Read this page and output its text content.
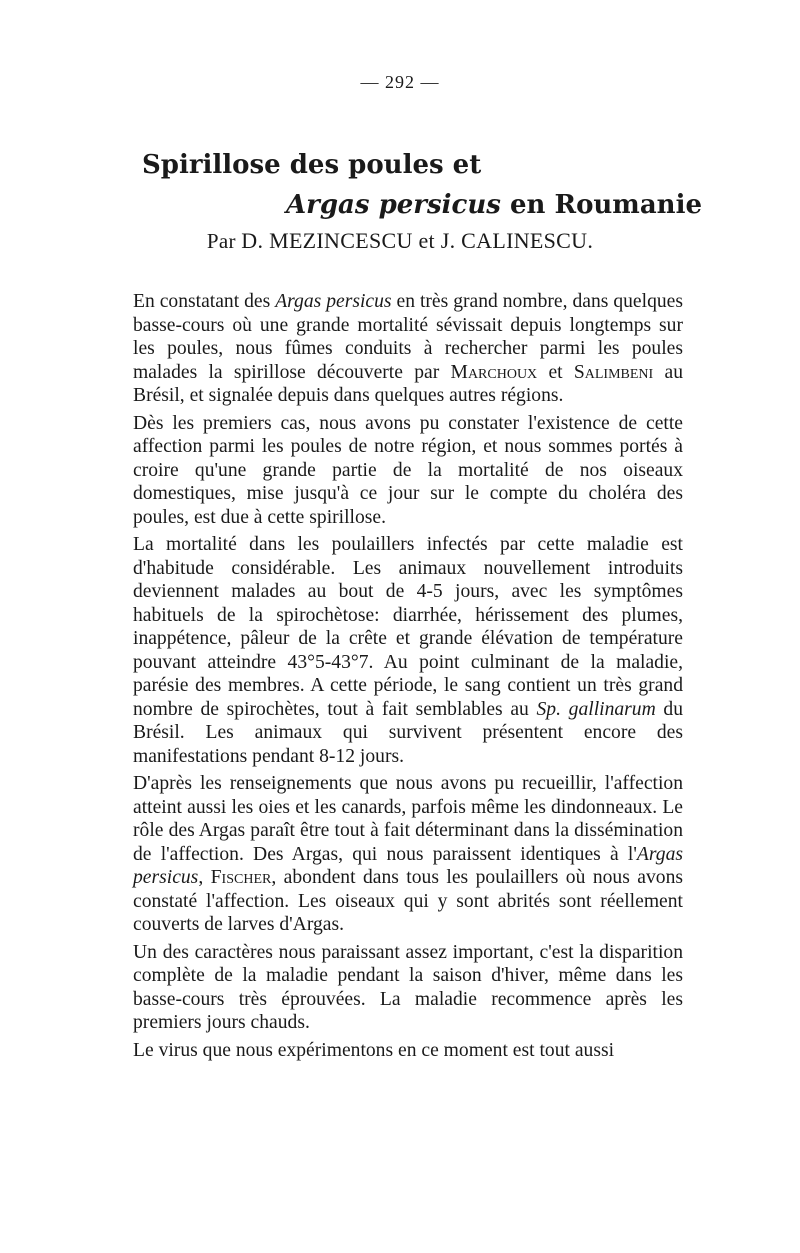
— 292 —
Spirillose des poules et
Argas persicus en Roumanie
Par D. MEZINCESCU et J. CALINESCU.

En constatant des Argas persicus en très grand nombre, dans quelques basse-cours où une grande mortalité sévissait depuis longtemps sur les poules, nous fûmes conduits à rechercher parmi les poules malades la spirillose découverte par Marchoux et Salimbeni au Brésil, et signalée depuis dans quelques autres régions.

Dès les premiers cas, nous avons pu constater l'existence de cette affection parmi les poules de notre région, et nous sommes portés à croire qu'une grande partie de la mortalité de nos oiseaux domestiques, mise jusqu'à ce jour sur le compte du choléra des poules, est due à cette spirillose.

La mortalité dans les poulaillers infectés par cette maladie est d'habitude considérable. Les animaux nouvellement introduits deviennent malades au bout de 4-5 jours, avec les symptômes habituels de la spirochètose: diarrhée, hérissement des plumes, inappétence, pâleur de la crête et grande élévation de température pouvant atteindre 43°5-43°7. Au point culminant de la maladie, parésie des membres. A cette période, le sang contient un très grand nombre de spirochètes, tout à fait semblables au Sp. gallinarum du Brésil. Les animaux qui survivent présentent encore des manifestations pendant 8-12 jours.

D'après les renseignements que nous avons pu recueillir, l'affection atteint aussi les oies et les canards, parfois même les dindonneaux. Le rôle des Argas paraît être tout à fait déterminant dans la dissémination de l'affection. Des Argas, qui nous paraissent identiques à l'Argas persicus, Fischer, abondent dans tous les poulaillers où nous avons constaté l'affection. Les oiseaux qui y sont abrités sont réellement couverts de larves d'Argas.

Un des caractères nous paraissant assez important, c'est la disparition complète de la maladie pendant la saison d'hiver, même dans les basse-cours très éprouvées. La maladie recommence après les premiers jours chauds.

Le virus que nous expérimentons en ce moment est tout aussi
